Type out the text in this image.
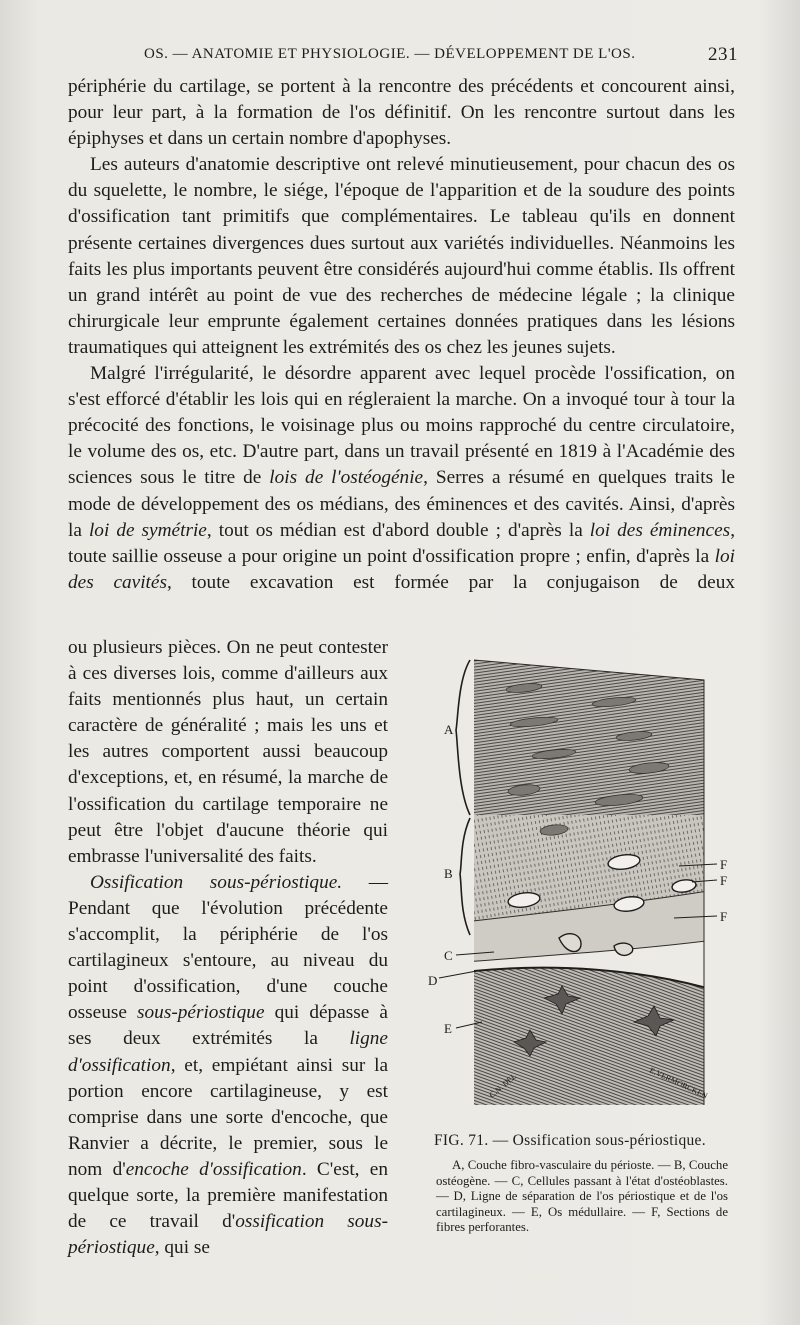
OS. — ANATOMIE ET PHYSIOLOGIE. — DÉVELOPPEMENT DE L'OS.	231

périphérie du cartilage, se portent à la rencontre des précédents et concourent ainsi, pour leur part, à la formation de l'os définitif. On les rencontre surtout dans les épiphyses et dans un certain nombre d'apophyses.

Les auteurs d'anatomie descriptive ont relevé minutieusement, pour chacun des os du squelette, le nombre, le siége, l'époque de l'apparition et de la soudure des points d'ossification tant primitifs que complémentaires. Le tableau qu'ils en donnent présente certaines divergences dues surtout aux variétés individuelles. Néanmoins les faits les plus importants peuvent être considérés aujourd'hui comme établis. Ils offrent un grand intérêt au point de vue des recherches de médecine légale ; la clinique chirurgicale leur emprunte également certaines données pratiques dans les lésions traumatiques qui atteignent les extrémités des os chez les jeunes sujets.

Malgré l'irrégularité, le désordre apparent avec lequel procède l'ossification, on s'est efforcé d'établir les lois qui en régleraient la marche. On a invoqué tour à tour la précocité des fonctions, le voisinage plus ou moins rapproché du centre circulatoire, le volume des os, etc. D'autre part, dans un travail présenté en 1819 à l'Académie des sciences sous le titre de lois de l'ostéogénie, Serres a résumé en quelques traits le mode de développement des os médians, des éminences et des cavités. Ainsi, d'après la loi de symétrie, tout os médian est d'abord double ; d'après la loi des éminences, toute saillie osseuse a pour origine un point d'ossification propre ; enfin, d'après la loi des cavités, toute excavation est formée par la conjugaison de deux

ou plusieurs pièces. On ne peut contester à ces diverses lois, comme d'ailleurs aux faits mentionnés plus haut, un certain caractère de généralité ; mais les uns et les autres comportent aussi beaucoup d'exceptions, et, en résumé, la marche de l'ossification du cartilage temporaire ne peut être l'objet d'aucune théorie qui embrasse l'universalité des faits.

Ossification sous-périostique. — Pendant que l'évolution précédente s'accomplit, la périphérie de l'os cartilagineux s'entoure, au niveau du point d'ossification, d'une couche osseuse sous-périostique qui dépasse à ses deux extrémités la ligne d'ossification, et, empiétant ainsi sur la portion encore cartilagineuse, y est comprise dans une sorte d'encoche, que Ranvier a décrite, le premier, sous le nom d'encoche d'ossification. C'est, en quelque sorte, la première manifestation de ce travail d'ossification sous-périostique, qui se

A
B
C
D
E
F
F
F
C.N. DEL	E.VERMORCKEN
FIG. 71. — Ossification sous-périostique.

A, Couche fibro-vasculaire du périoste. — B, Couche ostéogène. — C, Cellules passant à l'état d'ostéoblastes. — D, Ligne de séparation de l'os périostique et de l'os cartilagineux. — E, Os médullaire. — F, Sections de fibres perforantes.
